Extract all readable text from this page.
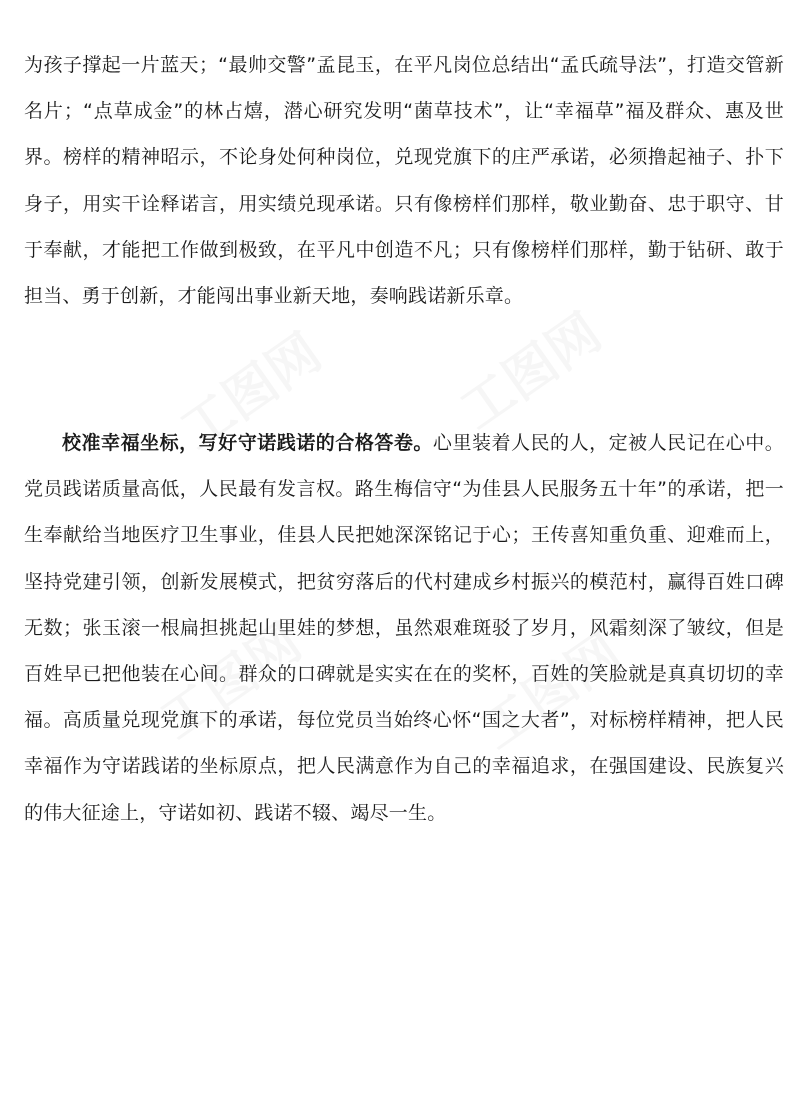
为孩子撑起一片蓝天；“最帅交警”孟昆玉，在平凡岗位总结出“孟氏疏导法”，打造交管新名片；“点草成金”的林占熺，潜心研究发明“菌草技术”，让“幸福草”福及群众、惠及世界。榜样的精神昭示，不论身处何种岗位，兑现党旗下的庄严承诺，必须撸起袖子、扑下身子，用实干诠释诺言，用实绩兑现承诺。只有像榜样们那样，敬业勤奋、忠于职守、甘于奉献，才能把工作做到极致，在平凡中创造不凡；只有像榜样们那样，勤于钻研、敢于担当、勇于创新，才能闯出事业新天地，奏响践诺新乐章。

校准幸福坐标，写好守诺践诺的合格答卷。心里装着人民的人，定被人民记在心中。党员践诺质量高低，人民最有发言权。路生梅信守“为佳县人民服务五十年”的承诺，把一生奉献给当地医疗卫生事业，佳县人民把她深深铭记于心；王传喜知重负重、迎难而上，坚持党建引领，创新发展模式，把贫穷落后的代村建成乡村振兴的模范村，赢得百姓口碑无数；张玉滚一根扁担挑起山里娃的梦想，虽然艰难斑驳了岁月，风霜刻深了皱纹，但是百姓早已把他装在心间。群众的口碑就是实实在在的奖杯，百姓的笑脸就是真真切切的幸福。高质量兑现党旗下的承诺，每位党员当始终心怀“国之大者”，对标榜样精神，把人民幸福作为守诺践诺的坐标原点，把人民满意作为自己的幸福追求，在强国建设、民族复兴的伟大征途上，守诺如初、践诺不辍、竭尽一生。
